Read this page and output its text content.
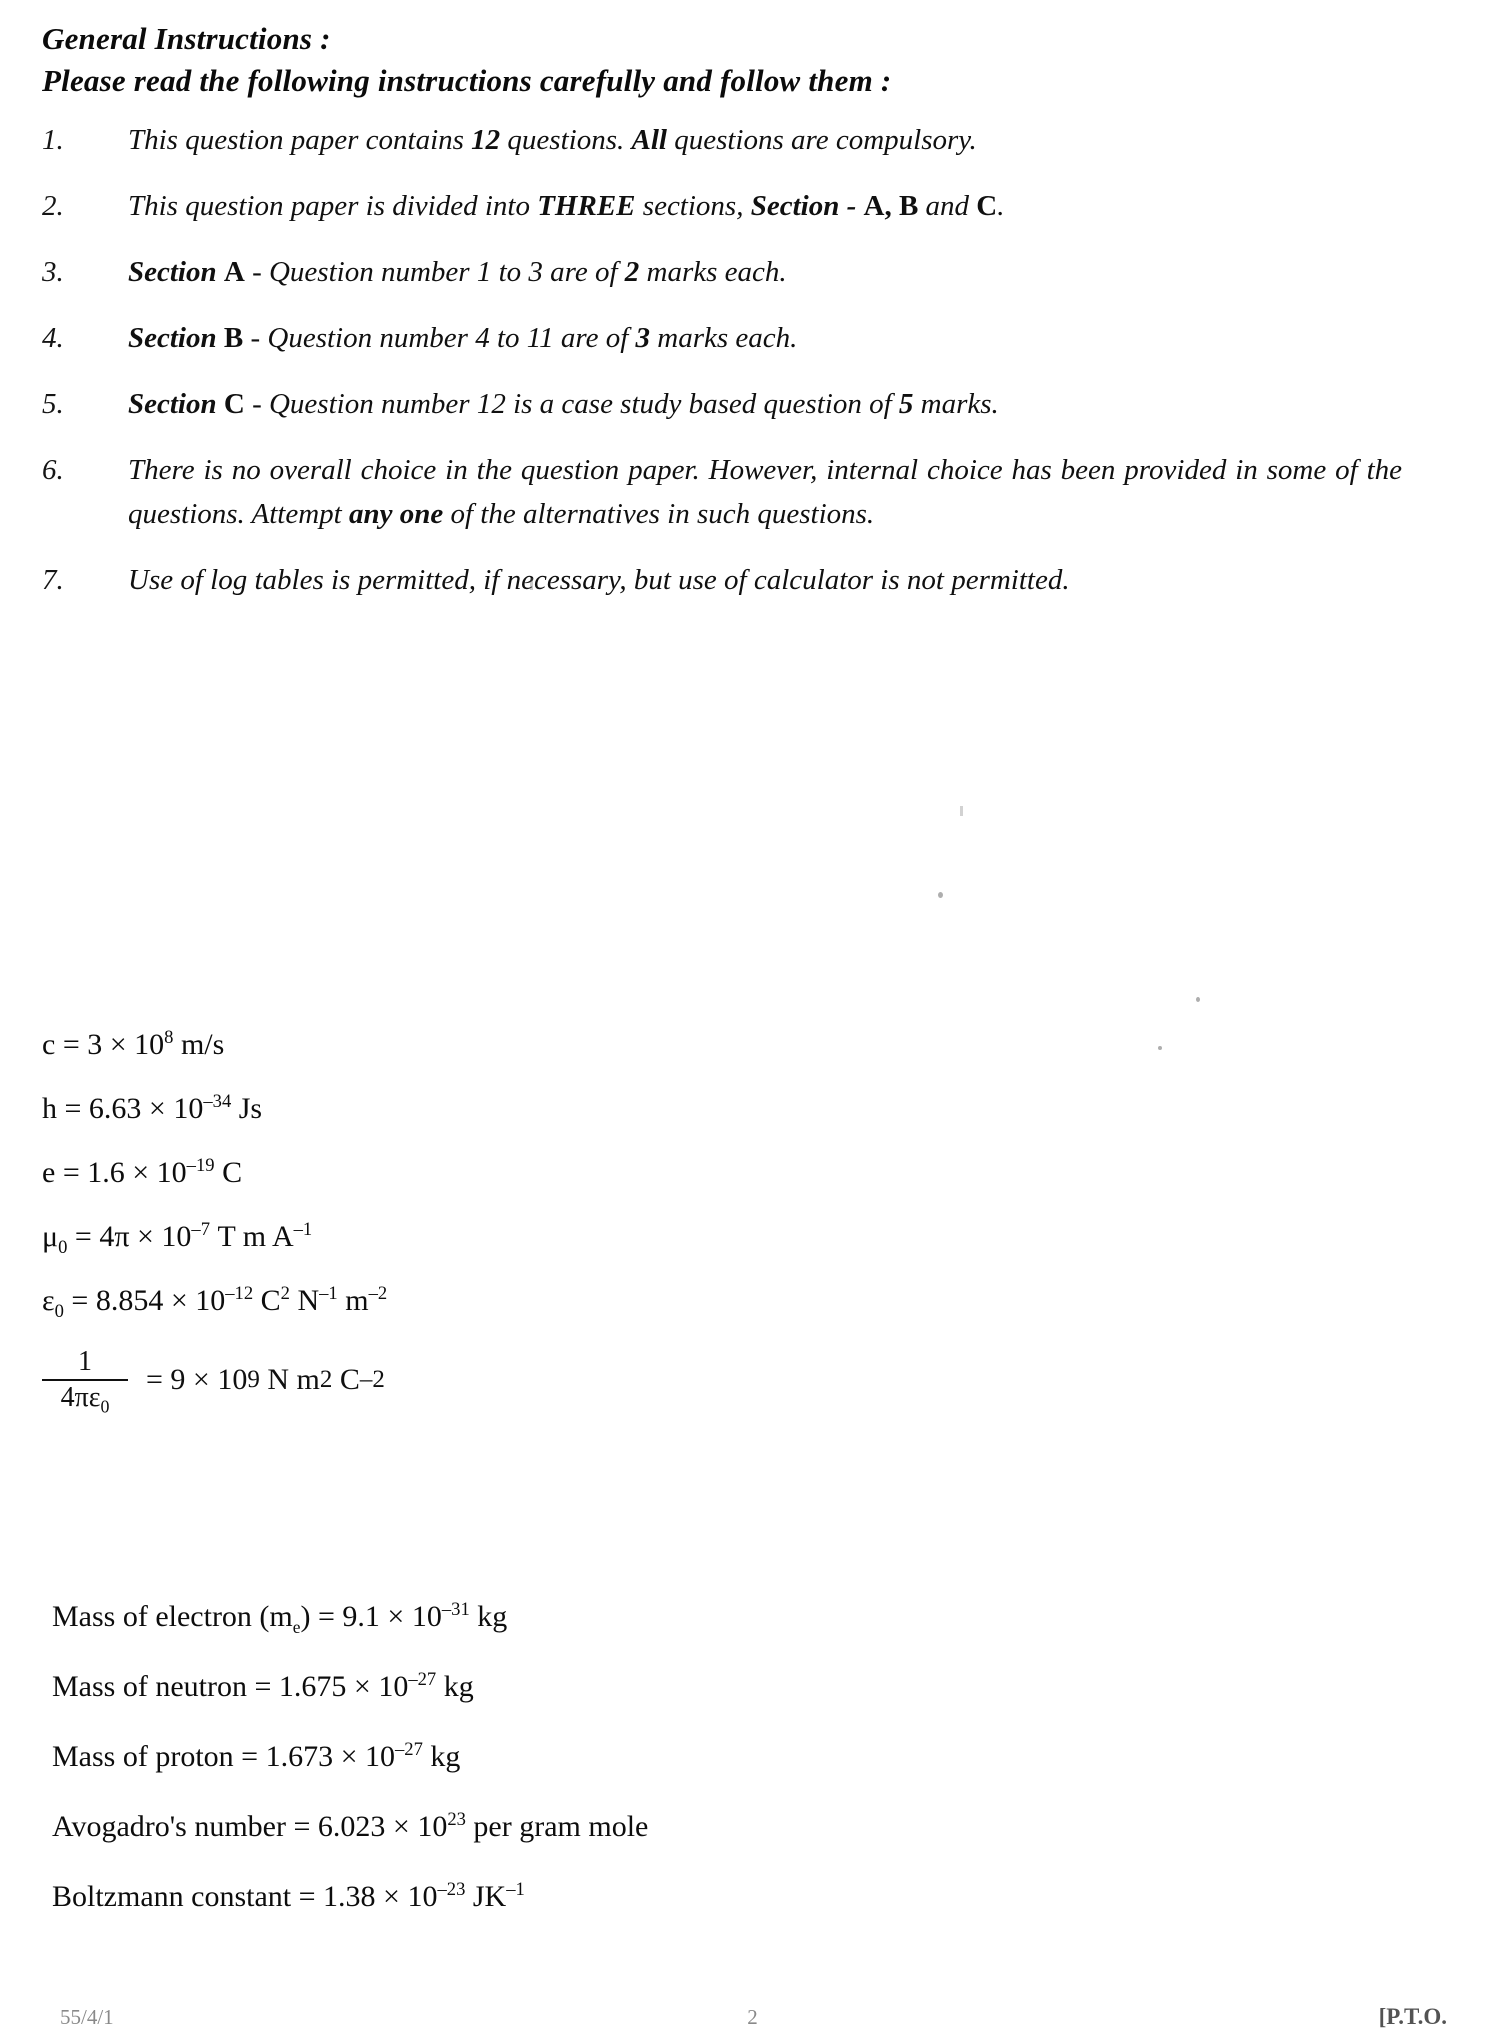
General Instructions :
Please read the following instructions carefully and follow them :
1.	This question paper contains 12 questions. All questions are compulsory.
2.	This question paper is divided into THREE sections, Section - A, B and C.
3.	Section A - Question number 1 to 3 are of 2 marks each.
4.	Section B - Question number 4 to 11 are of 3 marks each.
5.	Section C - Question number 12 is a case study based question of 5 marks.
6.	There is no overall choice in the question paper. However, internal choice has been provided in some of the questions. Attempt any one of the alternatives in such questions.
7.	Use of log tables is permitted, if necessary, but use of calculator is not permitted.
$c = 3 \times 10^8$ m/s
$h = 6.63 \times 10^{-34}$ Js
$e = 1.6 \times 10^{-19}$ C
$\mu_0 = 4\pi \times 10^{-7}$ T m $A^{-1}$
$\varepsilon_0 = 8.854 \times 10^{-12}$ $C^2$ $N^{-1}$ $m^{-2}$
$\frac{1}{4\pi\varepsilon_0}$ =
9
×
10 9
N
m 2
C –2
Mass of electron $(m_e) = 9.1 \times 10^{-31}$ kg
Mass of neutron = $1.675 \times 10^{-27}$ kg
Mass of proton = $1.673 \times 10^{-27}$ kg
Avogadro's number = $6.023 \times 10^{23}$ per gram mole
Boltzmann constant = $1.38 \times 10^{-23}$ $JK^{-1}$
55/4/1	2	[P.T.O.
